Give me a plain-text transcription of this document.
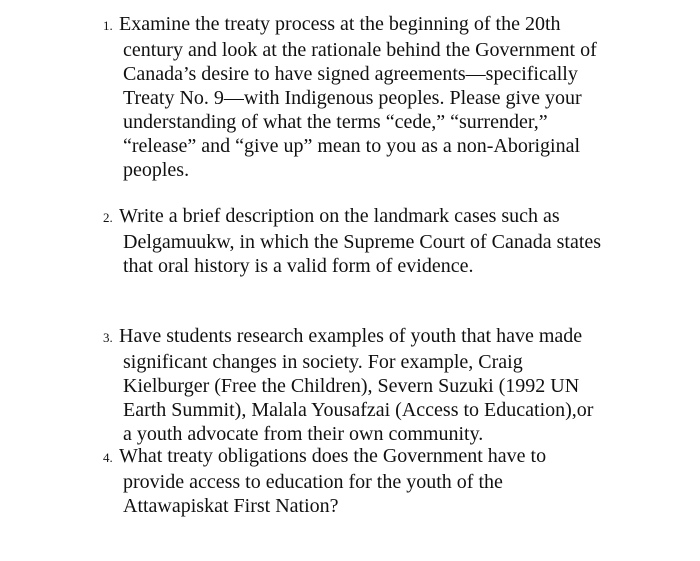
1. Examine the treaty process at the beginning of the 20th
century and look at the rationale behind the Government of
Canada’s desire to have signed agreements—specifically
Treaty No. 9—with Indigenous peoples. Please give your
understanding of what the terms “cede,” “surrender,”
“release” and “give up” mean to you as a non-Aboriginal
peoples.
2. Write a brief description on the landmark cases such as
Delgamuukw, in which the Supreme Court of Canada states
that oral history is a valid form of evidence.
3. Have students research examples of youth that have made
significant changes in society. For example, Craig
Kielburger (Free the Children), Severn Suzuki (1992 UN
Earth Summit), Malala Yousafzai (Access to Education),or
a youth advocate from their own community.
4. What treaty obligations does the Government have to
provide access to education for the youth of the
Attawapiskat First Nation?
